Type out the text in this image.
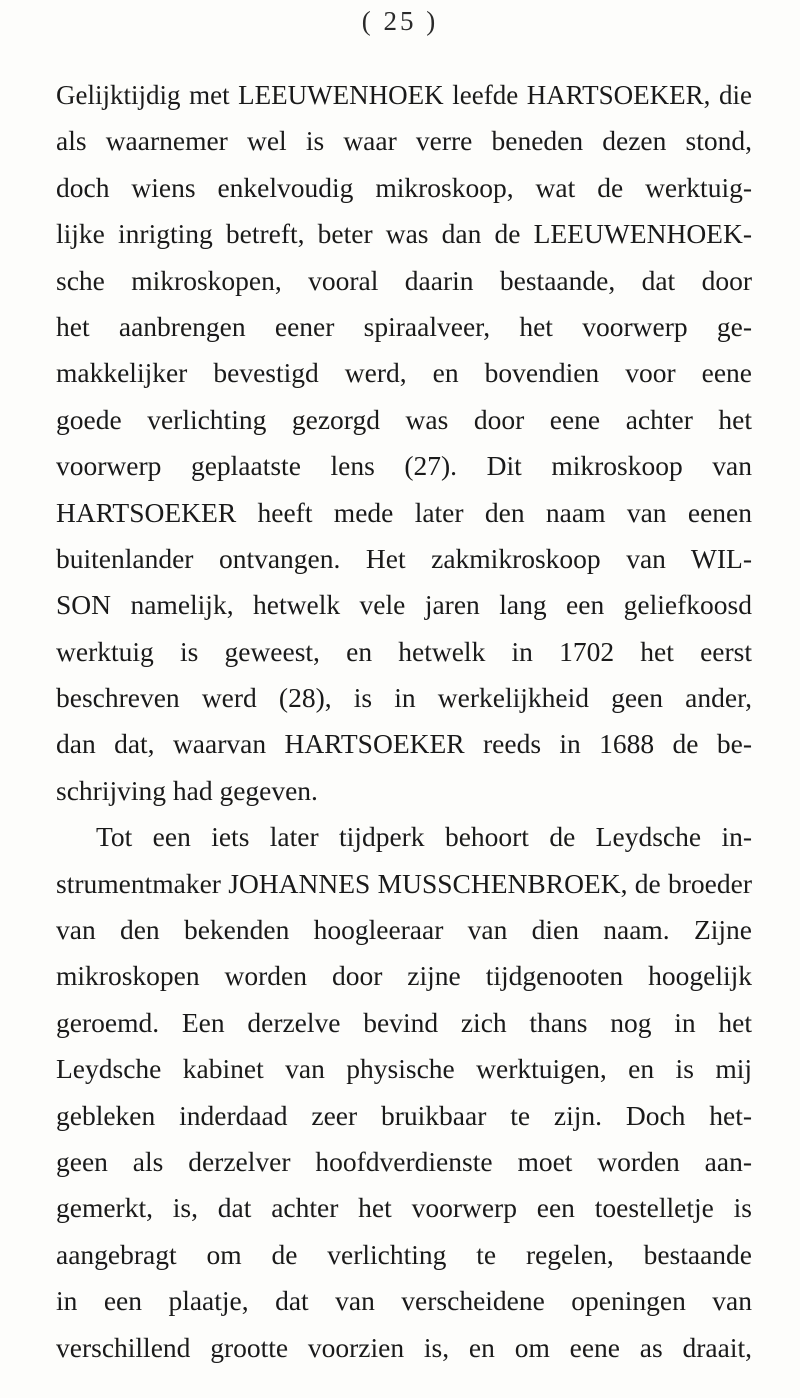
( 25 )
Gelijktijdig met LEEUWENHOEK leefde HARTSOEKER, die
als waarnemer wel is waar verre beneden dezen stond,
doch wiens enkelvoudig mikroskoop, wat de werktuig-
lijke inrigting betreft, beter was dan de LEEUWENHOEK-
sche mikroskopen, vooral daarin bestaande, dat door
het aanbrengen eener spiraalveer, het voorwerp ge-
makkelijker bevestigd werd, en bovendien voor eene
goede verlichting gezorgd was door eene achter het
voorwerp geplaatste lens (27). Dit mikroskoop van
HARTSOEKER heeft mede later den naam van eenen
buitenlander ontvangen. Het zakmikroskoop van WIL-
SON namelijk, hetwelk vele jaren lang een geliefkoosd
werktuig is geweest, en hetwelk in 1702 het eerst
beschreven werd (28), is in werkelijkheid geen ander,
dan dat, waarvan HARTSOEKER reeds in 1688 de be-
schrijving had gegeven.
Tot een iets later tijdperk behoort de Leydsche in-
strumentmaker JOHANNES MUSSCHENBROEK, de broeder
van den bekenden hoogleeraar van dien naam. Zijne
mikroskopen worden door zijne tijdgenooten hoogelijk
geroemd. Een derzelve bevind zich thans nog in het
Leydsche kabinet van physische werktuigen, en is mij
gebleken inderdaad zeer bruikbaar te zijn. Doch het-
geen als derzelver hoofdverdienste moet worden aan-
gemerkt, is, dat achter het voorwerp een toestelletje is
aangebragt om de verlichting te regelen, bestaande
in een plaatje, dat van verscheidene openingen van
verschillend grootte voorzien is, en om eene as draait,
